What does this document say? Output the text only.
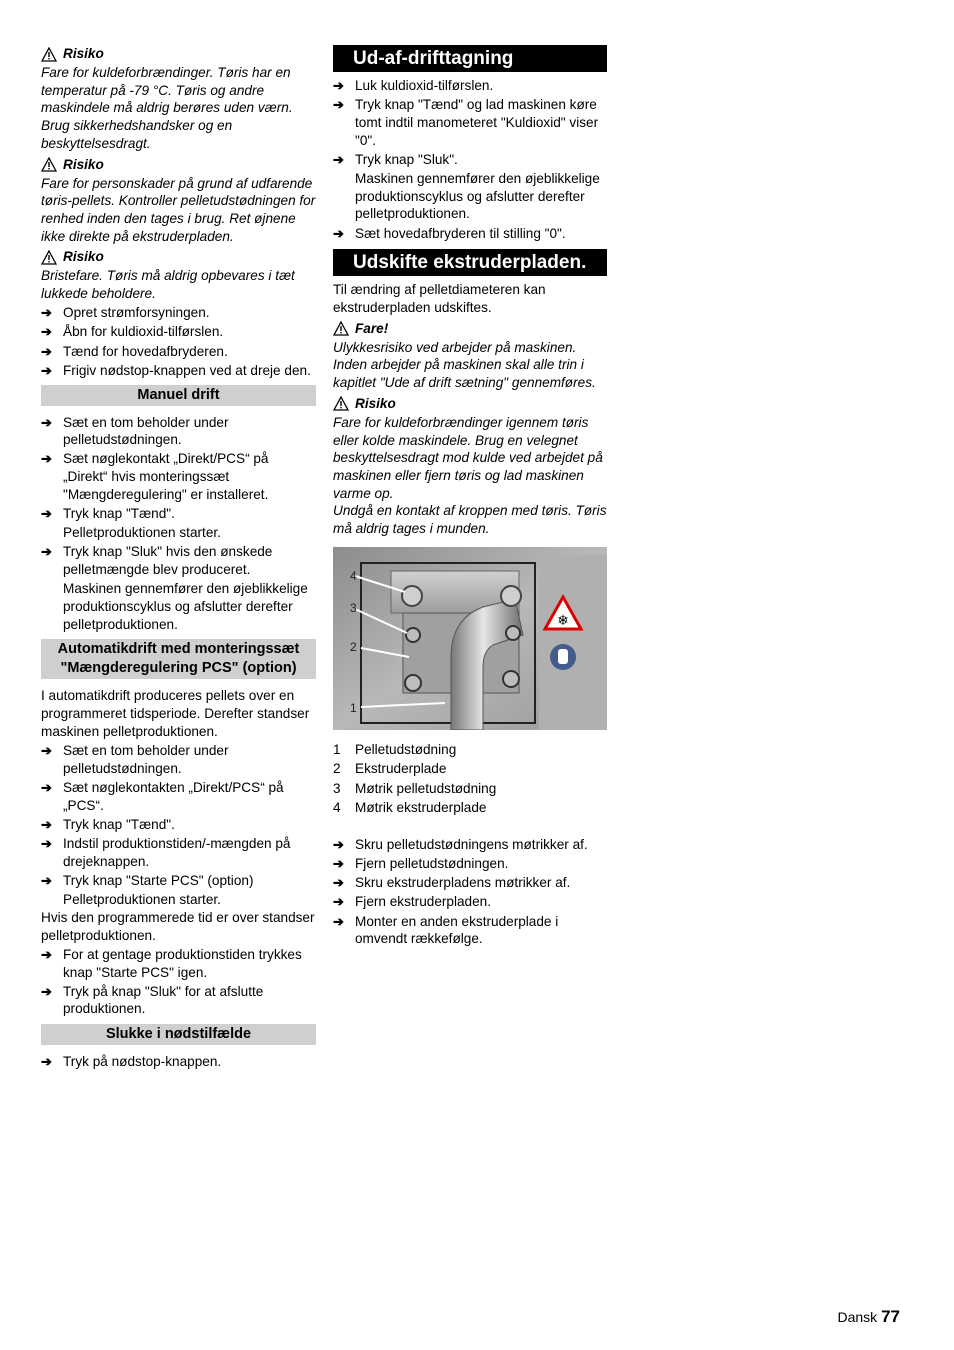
Risiko

Fare for kuldeforbrændinger. Tøris har en temperatur på -79 °C. Tøris og andre maskindele må aldrig berøres uden værn. Brug sikkerhedshandsker og en beskyttelsesdragt.

Risiko

Fare for personskader på grund af udfarende tøris-pellets. Kontroller pelletudstødningen for renhed inden den tages i brug. Ret øjnene ikke direkte på ekstruderpladen.

Risiko

Bristefare. Tøris må aldrig opbevares i tæt lukkede beholdere.

➔ Opret strømforsyningen.
➔ Åbn for kuldioxid-tilførslen.
➔ Tænd for hovedafbryderen.
➔ Frigiv nødstop-knappen ved at dreje den.
Manuel drift
➔ Sæt en tom beholder under pelletudstødningen.
➔ Sæt nøglekontakt „Direkt/PCS“ på „Direkt“ hvis monteringssæt "Mængderegulering" er installeret.
➔ Tryk knap "Tænd".
Pelletproduktionen starter.
➔ Tryk knap "Sluk" hvis den ønskede pelletmængde blev produceret.
Maskinen gennemfører den øjeblikkelige produktionscyklus og afslutter derefter pelletproduktionen.
Automatikdrift med monteringssæt "Mængderegulering PCS" (option)

I automatikdrift produceres pellets over en programmeret tidsperiode. Derefter standser maskinen pelletproduktionen.

➔ Sæt en tom beholder under pelletudstødningen.
➔ Sæt nøglekontakten „Direkt/PCS“ på „PCS“.
➔ Tryk knap "Tænd".
➔ Indstil produktionstiden/-mængden på drejeknappen.
➔ Tryk knap "Starte PCS" (option)
Pelletproduktionen starter.

Hvis den programmerede tid er over standser pelletproduktionen.

➔ For at gentage produktionstiden trykkes knap "Starte PCS" igen.
➔ Tryk på knap "Sluk" for at afslutte produktionen.
Slukke i nødstilfælde
➔ Tryk på nødstop-knappen.
Ud-af-drifttagning
➔ Luk kuldioxid-tilførslen.
➔ Tryk knap "Tænd" og lad maskinen køre tomt indtil manometeret "Kuldioxid" viser "0".
➔ Tryk knap "Sluk".
Maskinen gennemfører den øjeblikkelige produktionscyklus og afslutter derefter pelletproduktionen.
➔ Sæt hovedafbryderen til stilling "0".
Udskifte ekstruderpladen.

Til ændring af pelletdiameteren kan ekstruderpladen udskiftes.

Fare!

Ulykkesrisiko ved arbejder på maskinen. Inden arbejder på maskinen skal alle trin i kapitlet "Ude af drift sætning" gennemføres.

Risiko

Fare for kuldeforbrændinger igennem tøris eller kolde maskindele. Brug en velegnet beskyttelsesdragt mod kulde ved arbejdet på maskinen eller fjern tøris og lad maskinen varme op.

Undgå en kontakt af kroppen med tøris. Tøris må aldrig tages i munden.

❄
4
3
2
1
1	Pelletudstødning
2	Ekstruderplade
3	Møtrik pelletudstødning
4	Møtrik ekstruderplade
➔ Skru pelletudstødningens møtrikker af.
➔ Fjern pelletudstødningen.
➔ Skru ekstruderpladens møtrikker af.
➔ Fjern ekstruderpladen.
➔ Monter en anden ekstruderplade i omvendt rækkefølge.
Dansk 77
